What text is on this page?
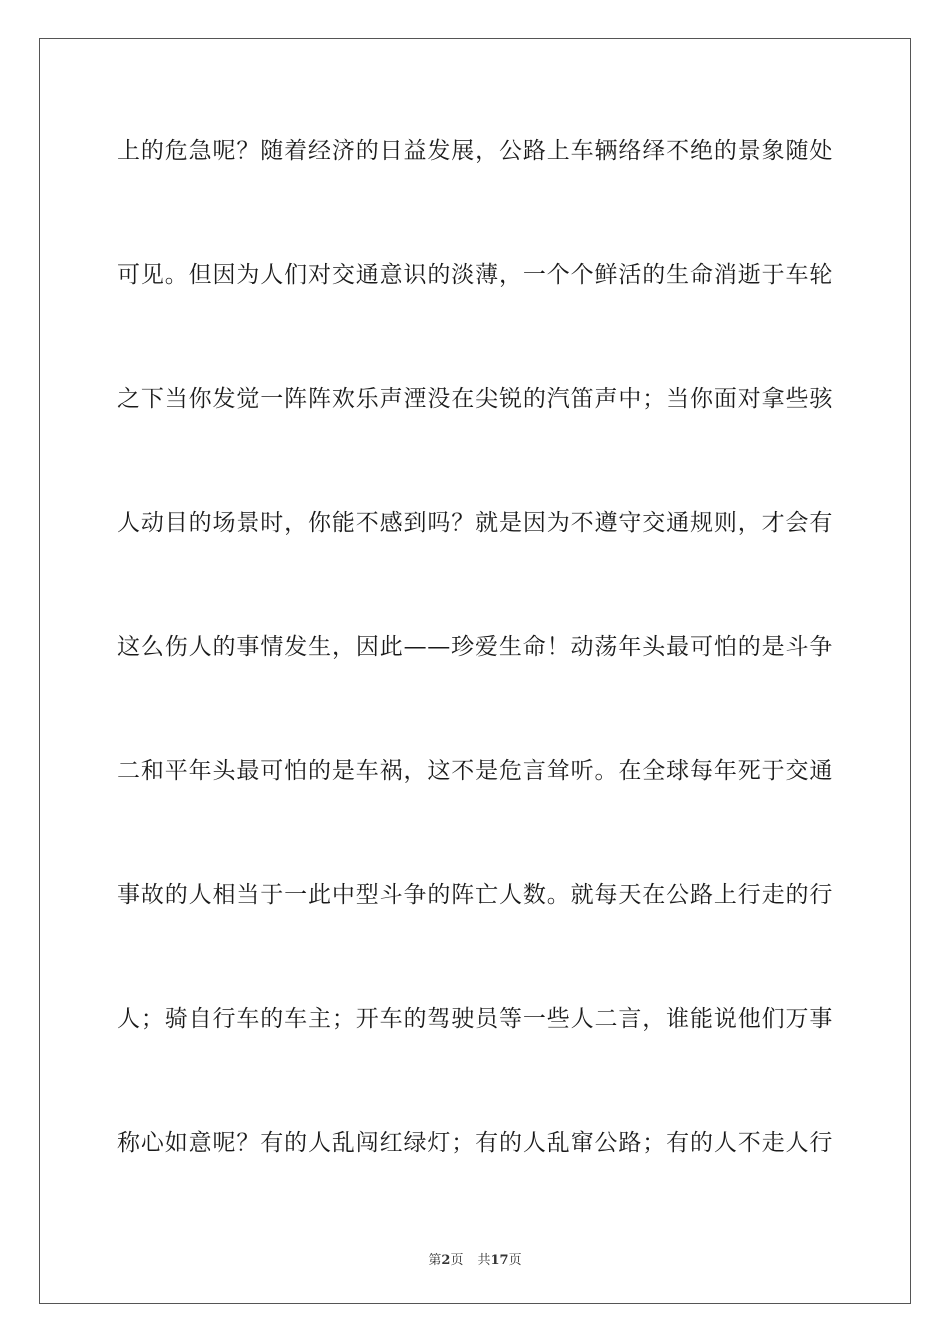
上的危急呢？随着经济的日益发展，公路上车辆络绎不绝的景象随处
可见。但因为人们对交通意识的淡薄，一个个鲜活的生命消逝于车轮
之下当你发觉一阵阵欢乐声湮没在尖锐的汽笛声中；当你面对拿些骇
人动目的场景时，你能不感到吗？就是因为不遵守交通规则，才会有
这么伤人的事情发生，因此——珍爱生命！动荡年头最可怕的是斗争
二和平年头最可怕的是车祸，这不是危言耸听。在全球每年死于交通
事故的人相当于一此中型斗争的阵亡人数。就每天在公路上行走的行
人；骑自行车的车主；开车的驾驶员等一些人二言，谁能说他们万事
称心如意呢？有的人乱闯红绿灯；有的人乱窜公路；有的人不走人行
第2页 共17页
